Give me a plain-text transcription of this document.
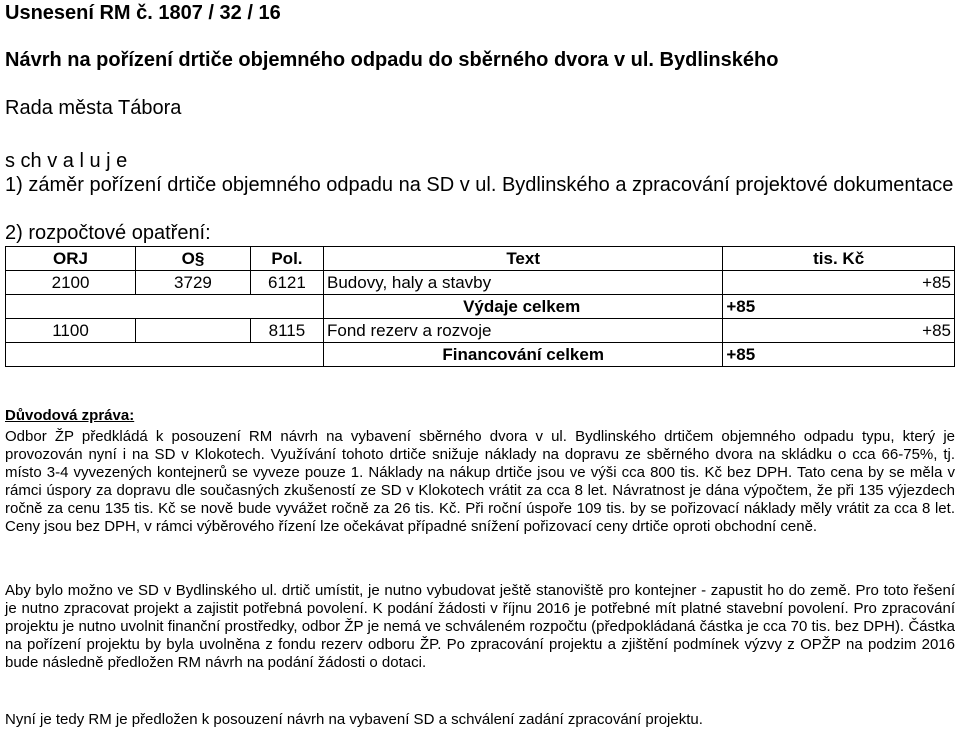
Usnesení RM č. 1807 / 32 / 16
Návrh na pořízení drtiče objemného odpadu do sběrného dvora v ul. Bydlinského
Rada města Tábora
s ch v a l u j e
1) záměr pořízení drtiče objemného odpadu na SD v ul. Bydlinského a zpracování projektové dokumentace
2) rozpočtové opatření:
ORJ	O§	Pol.	Text	tis. Kč
2100	3729	6121	Budovy, haly a stavby	+85
			Výdaje celkem	+85
1100		8115	Fond rezerv a rozvoje	+85
			Financování celkem	+85
Důvodová zpráva:

Odbor ŽP předkládá k posouzení RM návrh na vybavení sběrného dvora v ul. Bydlinského drtičem objemného odpadu typu, který je provozován nyní i na SD v Klokotech. Využívání tohoto drtiče snižuje náklady na dopravu ze sběrného dvora na skládku o cca 66-75%, tj. místo 3-4 vyvezených kontejnerů se vyveze pouze 1. Náklady na nákup drtiče jsou ve výši cca 800 tis. Kč bez DPH. Tato cena by se měla v rámci úspory za dopravu dle současných zkušeností ze SD v Klokotech vrátit za cca 8 let. Návratnost je dána výpočtem, že při 135 výjezdech ročně za cenu 135 tis. Kč se nově bude vyvážet ročně za 26 tis. Kč. Při roční úspoře 109 tis. by se pořizovací náklady měly vrátit za cca 8 let. Ceny jsou bez DPH, v rámci výběrového řízení lze očekávat případné snížení pořizovací ceny drtiče oproti obchodní ceně.

Aby bylo možno ve SD v Bydlinského ul. drtič umístit, je nutno vybudovat ještě stanoviště pro kontejner - zapustit ho do země. Pro toto řešení je nutno zpracovat projekt a zajistit potřebná povolení. K podání žádosti v říjnu 2016 je potřebné mít platné stavební povolení. Pro zpracování projektu je nutno uvolnit finanční prostředky, odbor ŽP je nemá ve schváleném rozpočtu (předpokládaná částka je cca 70 tis. bez DPH). Částka na pořízení projektu by byla uvolněna z fondu rezerv odboru ŽP. Po zpracování projektu a zjištění podmínek výzvy z OPŽP na podzim 2016 bude následně předložen RM návrh na podání žádosti o dotaci.

Nyní je tedy RM je předložen k posouzení návrh na vybavení SD a schválení zadání zpracování projektu.
